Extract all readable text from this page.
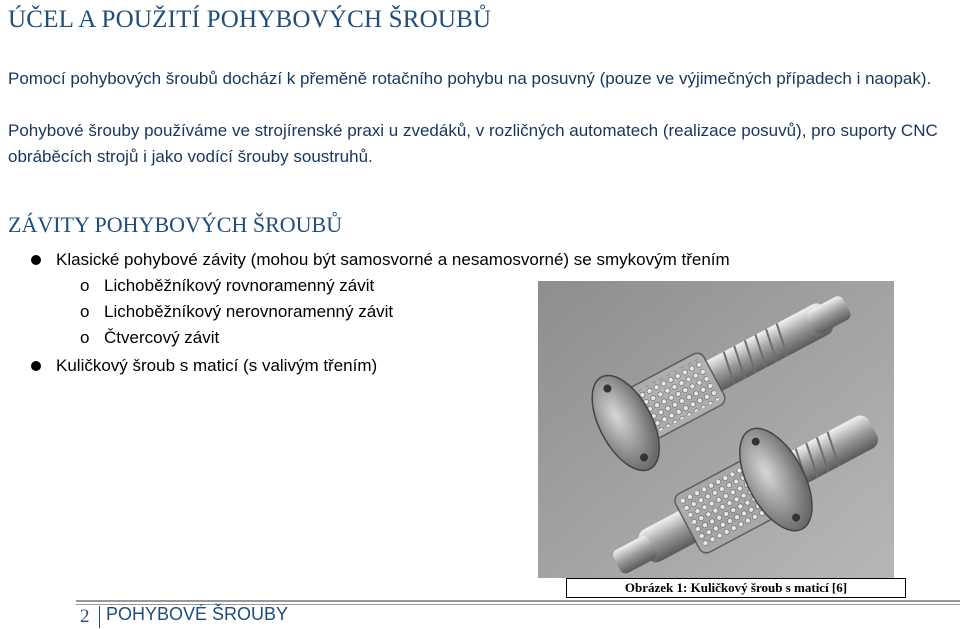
ÚČEL A POUŽITÍ POHYBOVÝCH ŠROUBŮ

Pomocí pohybových šroubů dochází k přeměně rotačního pohybu na posuvný (pouze ve výjimečných případech i naopak).

Pohybové šrouby používáme ve strojírenské praxi u zvedáků, v rozličných automatech (realizace posuvů), pro suporty CNC obráběcích strojů i jako vodící šrouby soustruhů.

ZÁVITY POHYBOVÝCH ŠROUBŮ
Klasické pohybové závity (mohou být samosvorné a nesamosvorné) se smykovým třením
o Lichoběžníkový rovnoramenný závit
o Lichoběžníkový nerovnoramenný závit
o Čtvercový závit
Kuličkový šroub s maticí (s valivým třením)
Obrázek 1: Kuličkový šroub s maticí [6]
2 POHYBOVÉ ŠROUBY
